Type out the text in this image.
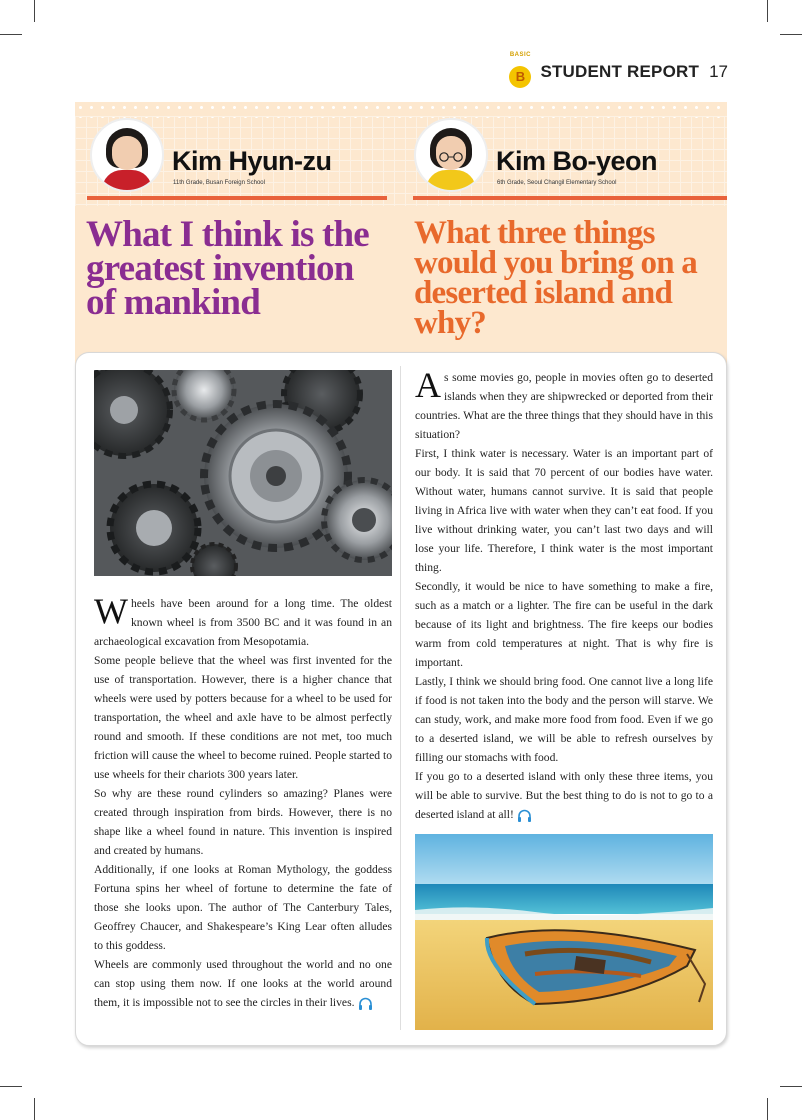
BASIC
B STUDENT REPORT 17
Kim Hyun-zu
11th Grade, Busan Foreign School
Kim Bo-yeon
6th Grade, Seoul Changil Elementary School
What I think is the greatest invention of mankind
What three things would you bring on a deserted island and why?

Wheels have been around for a long time. The oldest known wheel is from 3500 BC and it was found in an archaeological excavation from Mesopotamia.

Some people believe that the wheel was first invented for the use of transportation. However, there is a higher chance that wheels were used by potters because for a wheel to be used for transportation, the wheel and axle have to be almost perfectly round and smooth. If these conditions are not met, too much friction will cause the wheel to become ruined. People started to use wheels for their chariots 300 years later.

So why are these round cylinders so amazing? Planes were created through inspiration from birds. However, there is no shape like a wheel found in nature. This invention is inspired and created by humans.

Additionally, if one looks at Roman Mythology, the goddess Fortuna spins her wheel of fortune to determine the fate of those she looks upon. The author of The Canterbury Tales, Geoffrey Chaucer, and Shakespeare’s King Lear often alludes to this goddess.

Wheels are commonly used throughout the world and no one can stop using them now. If one looks at the world around them, it is impossible not to see the circles in their lives.

As some movies go, people in movies often go to deserted islands when they are shipwrecked or deported from their countries. What are the three things that they should have in this situation?

First, I think water is necessary. Water is an important part of our body. It is said that 70 percent of our bodies have water. Without water, humans cannot survive. It is said that people living in Africa live with water when they can’t eat food. If you live without drinking water, you can’t last two days and will lose your life. Therefore, I think water is the most important thing.

Secondly, it would be nice to have something to make a fire, such as a match or a lighter. The fire can be useful in the dark because of its light and brightness. The fire keeps our bodies warm from cold temperatures at night. That is why fire is important.

Lastly, I think we should bring food. One cannot live a long life if food is not taken into the body and the person will starve. We can study, work, and make more food from food. Even if we go to a deserted island, we will be able to refresh ourselves by filling our stomachs with food.

If you go to a deserted island with only these three items, you will be able to survive. But the best thing to do is not to go to a deserted island at all!
